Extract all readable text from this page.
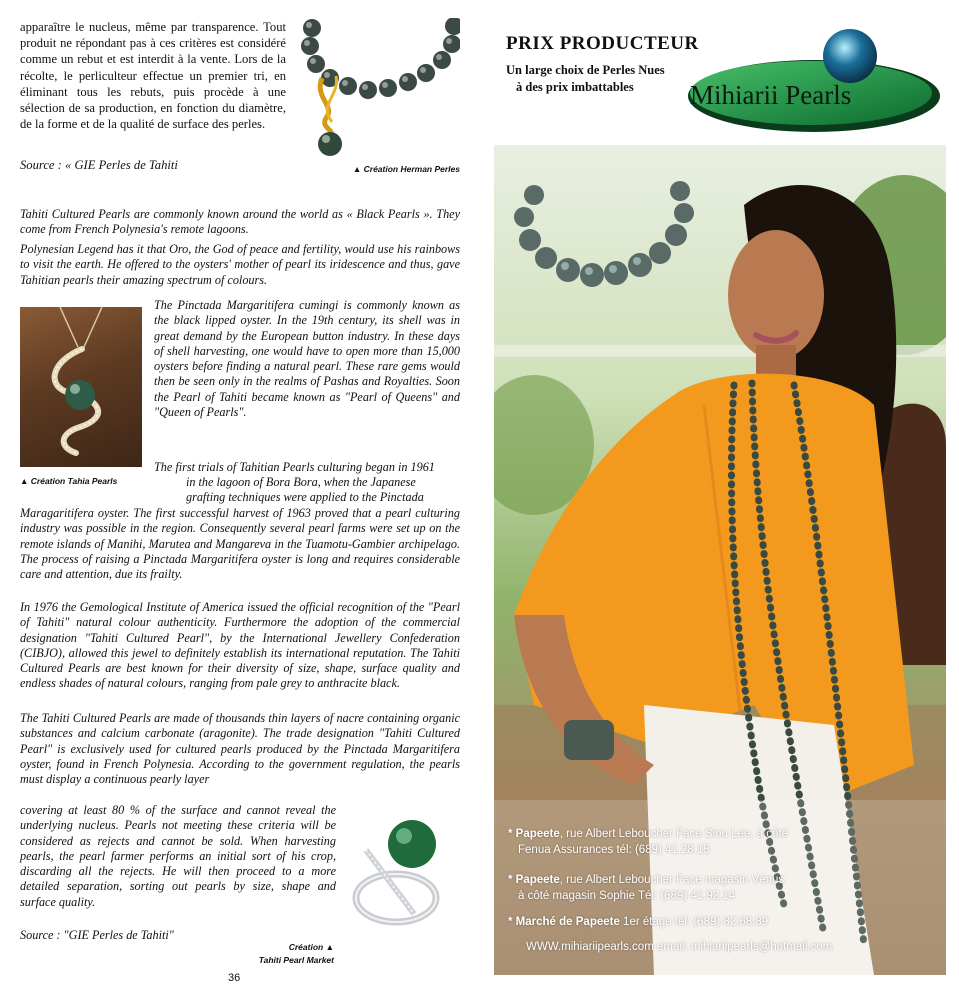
apparaître le nucleus, même par transparence. Tout produit ne répondant pas à ces critères est considéré comme un rebut et est interdit à la vente. Lors de la récolte, le perliculteur effectue un premier tri, en éliminant tous les rebuts, puis procède à une sélection de sa production, en fonction du diamètre, de la forme et de la qualité de surface des perles.

Source : « GIE Perles de Tahiti	▲ Création Herman Perles

Tahiti Cultured Pearls are commonly known around the world as « Black Pearls ». They come from French Polynesia's remote lagoons.

Polynesian Legend has it that Oro, the God of peace and fertility, would use his rainbows to visit the earth. He offered to the oysters' mother of pearl its iridescence and thus, gave Tahitian pearls their amazing spectrum of colours.

▲ Création Tahia Pearls

The Pinctada Margaritifera cumingi is commonly known as the black lipped oyster. In the 19th century, its shell was in great demand by the European button industry. In these days of shell harvesting, one would have to open more than 15,000 oysters before finding a natural pearl. These rare gems would then be seen only in the realms of Pashas and Royalties. Soon the Pearl of Tahiti became known as "Pearl of Queens" and "Queen of Pearls".

The first trials of Tahitian Pearls culturing began in 1961
in the lagoon of Bora Bora, when the Japanese
grafting techniques were applied to the Pinctada

Maragaritifera oyster. The first successful harvest of 1963 proved that a pearl culturing industry was possible in the region. Consequently several pearl farms were set up on the remote islands of Manihi, Marutea and Mangareva in the Tuamotu-Gambier archipelago. The process of raising a Pinctada Margaritifera oyster is long and requires considerable care and attention, due its frailty.

In 1976 the Gemological Institute of America issued the official recognition of the "Pearl of Tahiti" natural colour authenticity. Furthermore the adoption of the commercial designation "Tahiti Cultured Pearl", by the International Jewellery Confederation (CIBJO), allowed this jewel to definitely establish its international reputation. The Tahiti Cultured Pearls are best known for their diversity of size, shape, surface quality and endless shades of natural colours, ranging from pale grey to anthracite black.

The Tahiti Cultured Pearls are made of thousands thin layers of nacre containing organic substances and calcium carbonate (aragonite). The trade designation "Tahiti Cultured Pearl" is exclusively used for cultured pearls produced by the Pinctada Margaritifera oyster, found in French Polynesia. According to the government regulation, the pearls must display a continuous pearly layer

covering at least 80 % of the surface and cannot reveal the underlying nucleus. Pearls not meeting these criteria will be considered as rejects and cannot be sold. When harvesting pearls, the pearl farmer performs an initial sort of his crop, discarding all the rejects. He will then proceed to a more detailed separation, sorting out pearls by size, shape and surface quality.

Source : "GIE Perles de Tahiti"
Création ▲
Tahiti Pearl Market
36
PRIX PRODUCTEUR
Un large choix de Perles Nues
à des prix imbattables Mihiarii Pearls
* Papeete, rue Albert Leboucher Face Siou Lee, à côté
Fenua Assurances tél: (689) 41.28.15
* Papeete, rue Albert Leboucher Face magasin Vénus
à côté magasin Sophie Tél: (689) 41.92.14
* Marché de Papeete 1er étage tél: (689) 82.68.89
WWW.mihiariipearls.com email: mihiariipearls@hotmail.com
